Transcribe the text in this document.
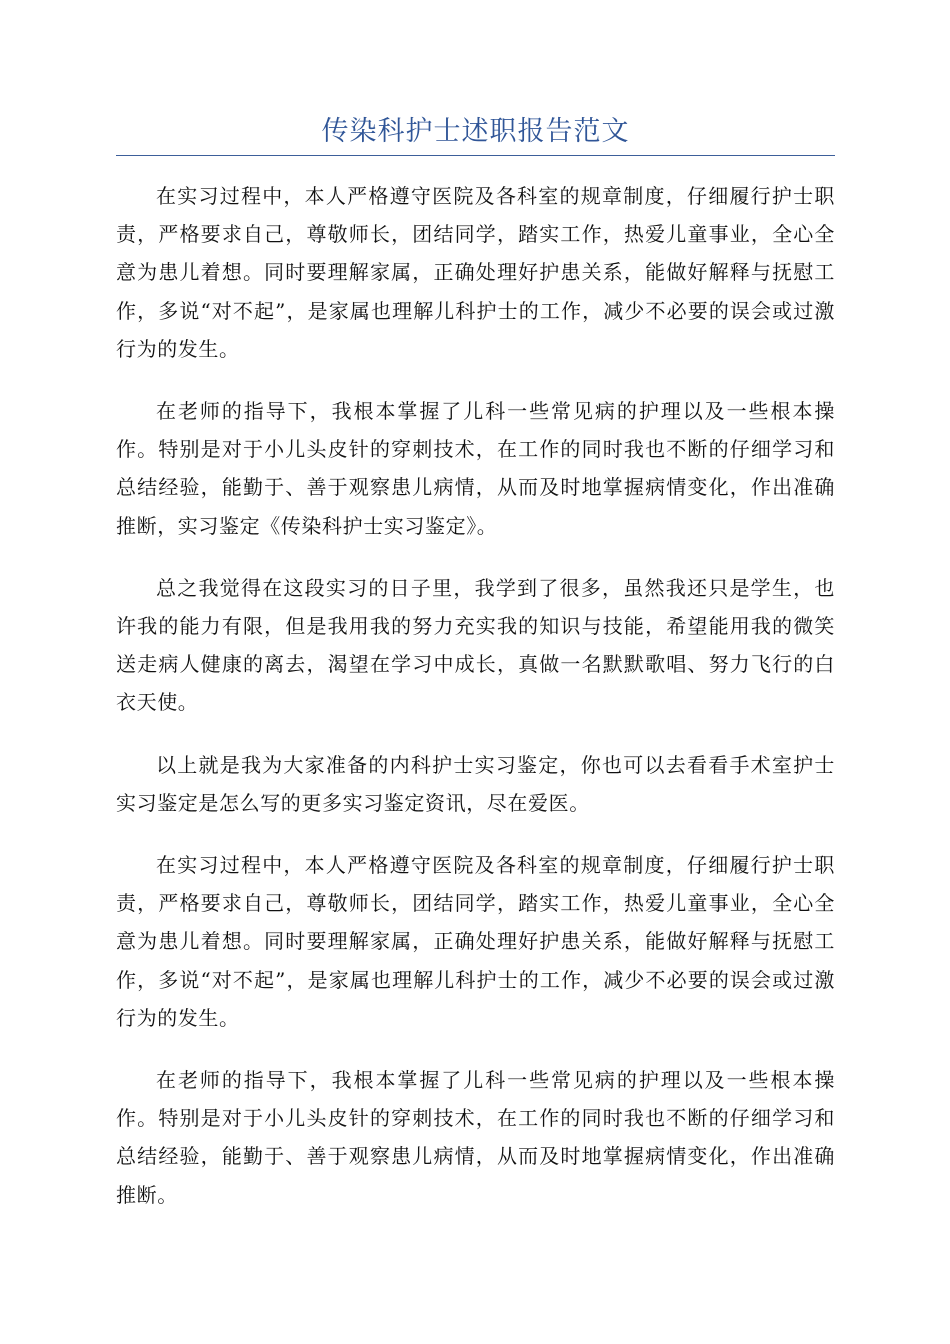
传染科护士述职报告范文

在实习过程中，本人严格遵守医院及各科室的规章制度，仔细履行护士职责，严格要求自己，尊敬师长，团结同学，踏实工作，热爱儿童事业，全心全意为患儿着想。同时要理解家属，正确处理好护患关系，能做好解释与抚慰工作，多说“对不起”，是家属也理解儿科护士的工作，减少不必要的误会或过激行为的发生。

在老师的指导下，我根本掌握了儿科一些常见病的护理以及一些根本操作。特别是对于小儿头皮针的穿刺技术，在工作的同时我也不断的仔细学习和总结经验，能勤于、善于观察患儿病情，从而及时地掌握病情变化，作出准确推断，实习鉴定《传染科护士实习鉴定》。

总之我觉得在这段实习的日子里，我学到了很多，虽然我还只是学生，也许我的能力有限，但是我用我的努力充实我的知识与技能，希望能用我的微笑送走病人健康的离去，渴望在学习中成长，真做一名默默歌唱、努力飞行的白衣天使。

以上就是我为大家准备的内科护士实习鉴定，你也可以去看看手术室护士实习鉴定是怎么写的更多实习鉴定资讯，尽在爱医。

在实习过程中，本人严格遵守医院及各科室的规章制度，仔细履行护士职责，严格要求自己，尊敬师长，团结同学，踏实工作，热爱儿童事业，全心全意为患儿着想。同时要理解家属，正确处理好护患关系，能做好解释与抚慰工作，多说“对不起”，是家属也理解儿科护士的工作，减少不必要的误会或过激行为的发生。

在老师的指导下，我根本掌握了儿科一些常见病的护理以及一些根本操作。特别是对于小儿头皮针的穿刺技术，在工作的同时我也不断的仔细学习和总结经验，能勤于、善于观察患儿病情，从而及时地掌握病情变化，作出准确推断。
